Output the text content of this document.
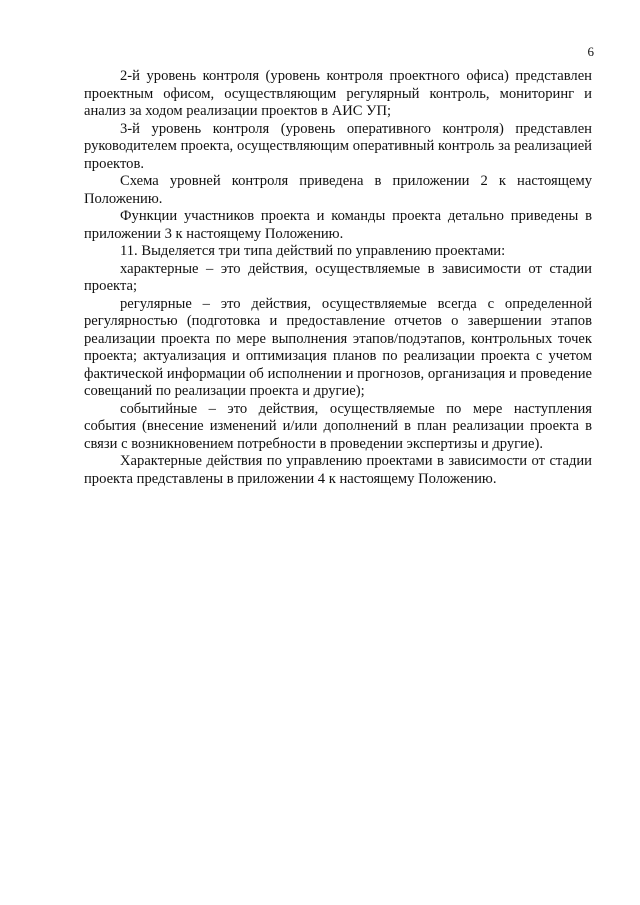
6

2-й уровень контроля (уровень контроля проектного офиса) представлен проектным офисом, осуществляющим регулярный контроль, мониторинг и анализ за ходом реализации проектов в АИС УП;

3-й уровень контроля (уровень оперативного контроля) представлен руководителем проекта, осуществляющим оперативный контроль за реализацией проектов.

Схема уровней контроля приведена в приложении 2 к настоящему Положению.

Функции участников проекта и команды проекта детально приведены в приложении 3 к настоящему Положению.

11. Выделяется три типа действий по управлению проектами:

характерные – это действия, осуществляемые в зависимости от стадии проекта;

регулярные – это действия, осуществляемые всегда с определенной регулярностью (подготовка и предоставление отчетов о завершении этапов реализации проекта по мере выполнения этапов/подэтапов, контрольных точек проекта; актуализация и оптимизация планов по реализации проекта с учетом фактической информации об исполнении и прогнозов, организация и проведение совещаний по реализации проекта и другие);

событийные – это действия, осуществляемые по мере наступления события (внесение изменений и/или дополнений в план реализации проекта в связи с возникновением потребности в проведении экспертизы и другие).

Характерные действия по управлению проектами в зависимости от стадии проекта представлены в приложении 4 к настоящему Положению.
